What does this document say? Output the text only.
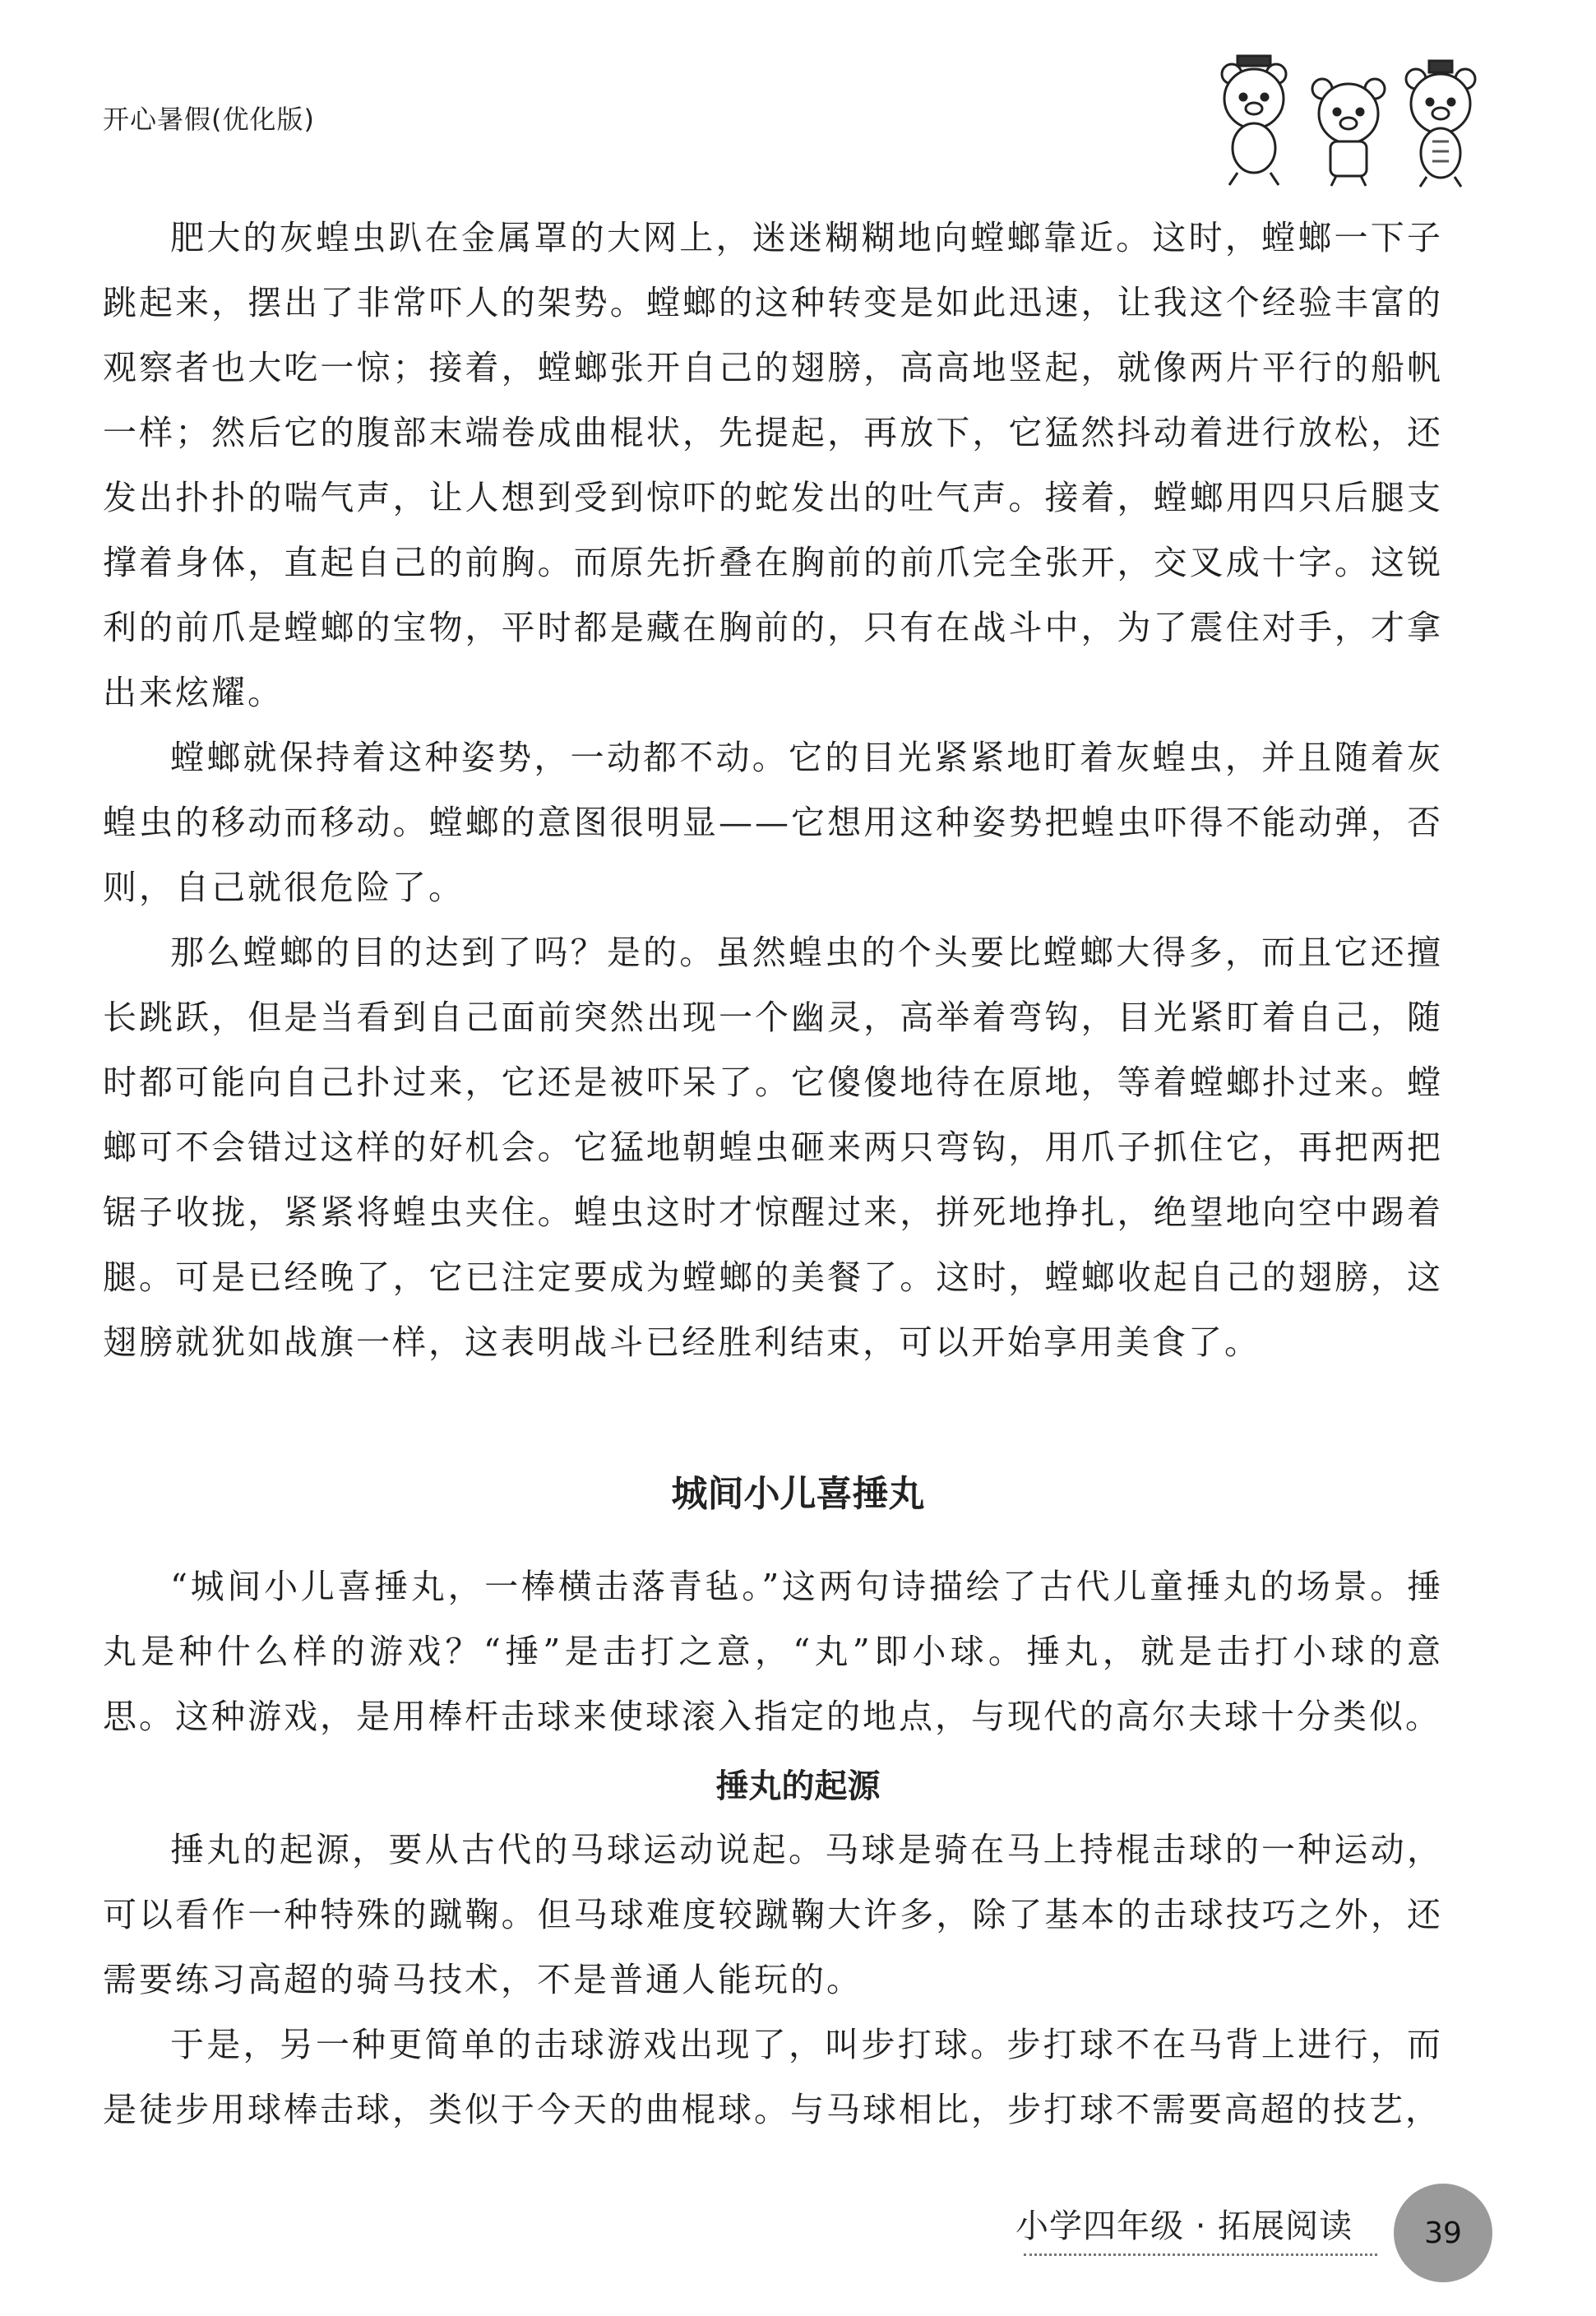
开心暑假(优化版)

肥大的灰蝗虫趴在金属罩的大网上，迷迷糊糊地向螳螂靠近。这时，螳螂一下子跳起来，摆出了非常吓人的架势。螳螂的这种转变是如此迅速，让我这个经验丰富的观察者也大吃一惊；接着，螳螂张开自己的翅膀，高高地竖起，就像两片平行的船帆一样；然后它的腹部末端卷成曲棍状，先提起，再放下，它猛然抖动着进行放松，还发出扑扑的喘气声，让人想到受到惊吓的蛇发出的吐气声。接着，螳螂用四只后腿支撑着身体，直起自己的前胸。而原先折叠在胸前的前爪完全张开，交叉成十字。这锐利的前爪是螳螂的宝物，平时都是藏在胸前的，只有在战斗中，为了震住对手，才拿出来炫耀。

螳螂就保持着这种姿势，一动都不动。它的目光紧紧地盯着灰蝗虫，并且随着灰蝗虫的移动而移动。螳螂的意图很明显——它想用这种姿势把蝗虫吓得不能动弹，否则，自己就很危险了。

那么螳螂的目的达到了吗？是的。虽然蝗虫的个头要比螳螂大得多，而且它还擅长跳跃，但是当看到自己面前突然出现一个幽灵，高举着弯钩，目光紧盯着自己，随时都可能向自己扑过来，它还是被吓呆了。它傻傻地待在原地，等着螳螂扑过来。螳螂可不会错过这样的好机会。它猛地朝蝗虫砸来两只弯钩，用爪子抓住它，再把两把锯子收拢，紧紧将蝗虫夹住。蝗虫这时才惊醒过来，拼死地挣扎，绝望地向空中踢着腿。可是已经晚了，它已注定要成为螳螂的美餐了。这时，螳螂收起自己的翅膀，这翅膀就犹如战旗一样，这表明战斗已经胜利结束，可以开始享用美食了。

城间小儿喜捶丸

“城间小儿喜捶丸，一棒横击落青毡。”这两句诗描绘了古代儿童捶丸的场景。捶丸是种什么样的游戏？“捶”是击打之意，“丸”即小球。捶丸，就是击打小球的意思。这种游戏，是用棒杆击球来使球滚入指定的地点，与现代的高尔夫球十分类似。

捶丸的起源

捶丸的起源，要从古代的马球运动说起。马球是骑在马上持棍击球的一种运动，可以看作一种特殊的蹴鞠。但马球难度较蹴鞠大许多，除了基本的击球技巧之外，还需要练习高超的骑马技术，不是普通人能玩的。

于是，另一种更简单的击球游戏出现了，叫步打球。步打球不在马背上进行，而是徒步用球棒击球，类似于今天的曲棍球。与马球相比，步打球不需要高超的技艺，

小学四年级 · 拓展阅读	39
